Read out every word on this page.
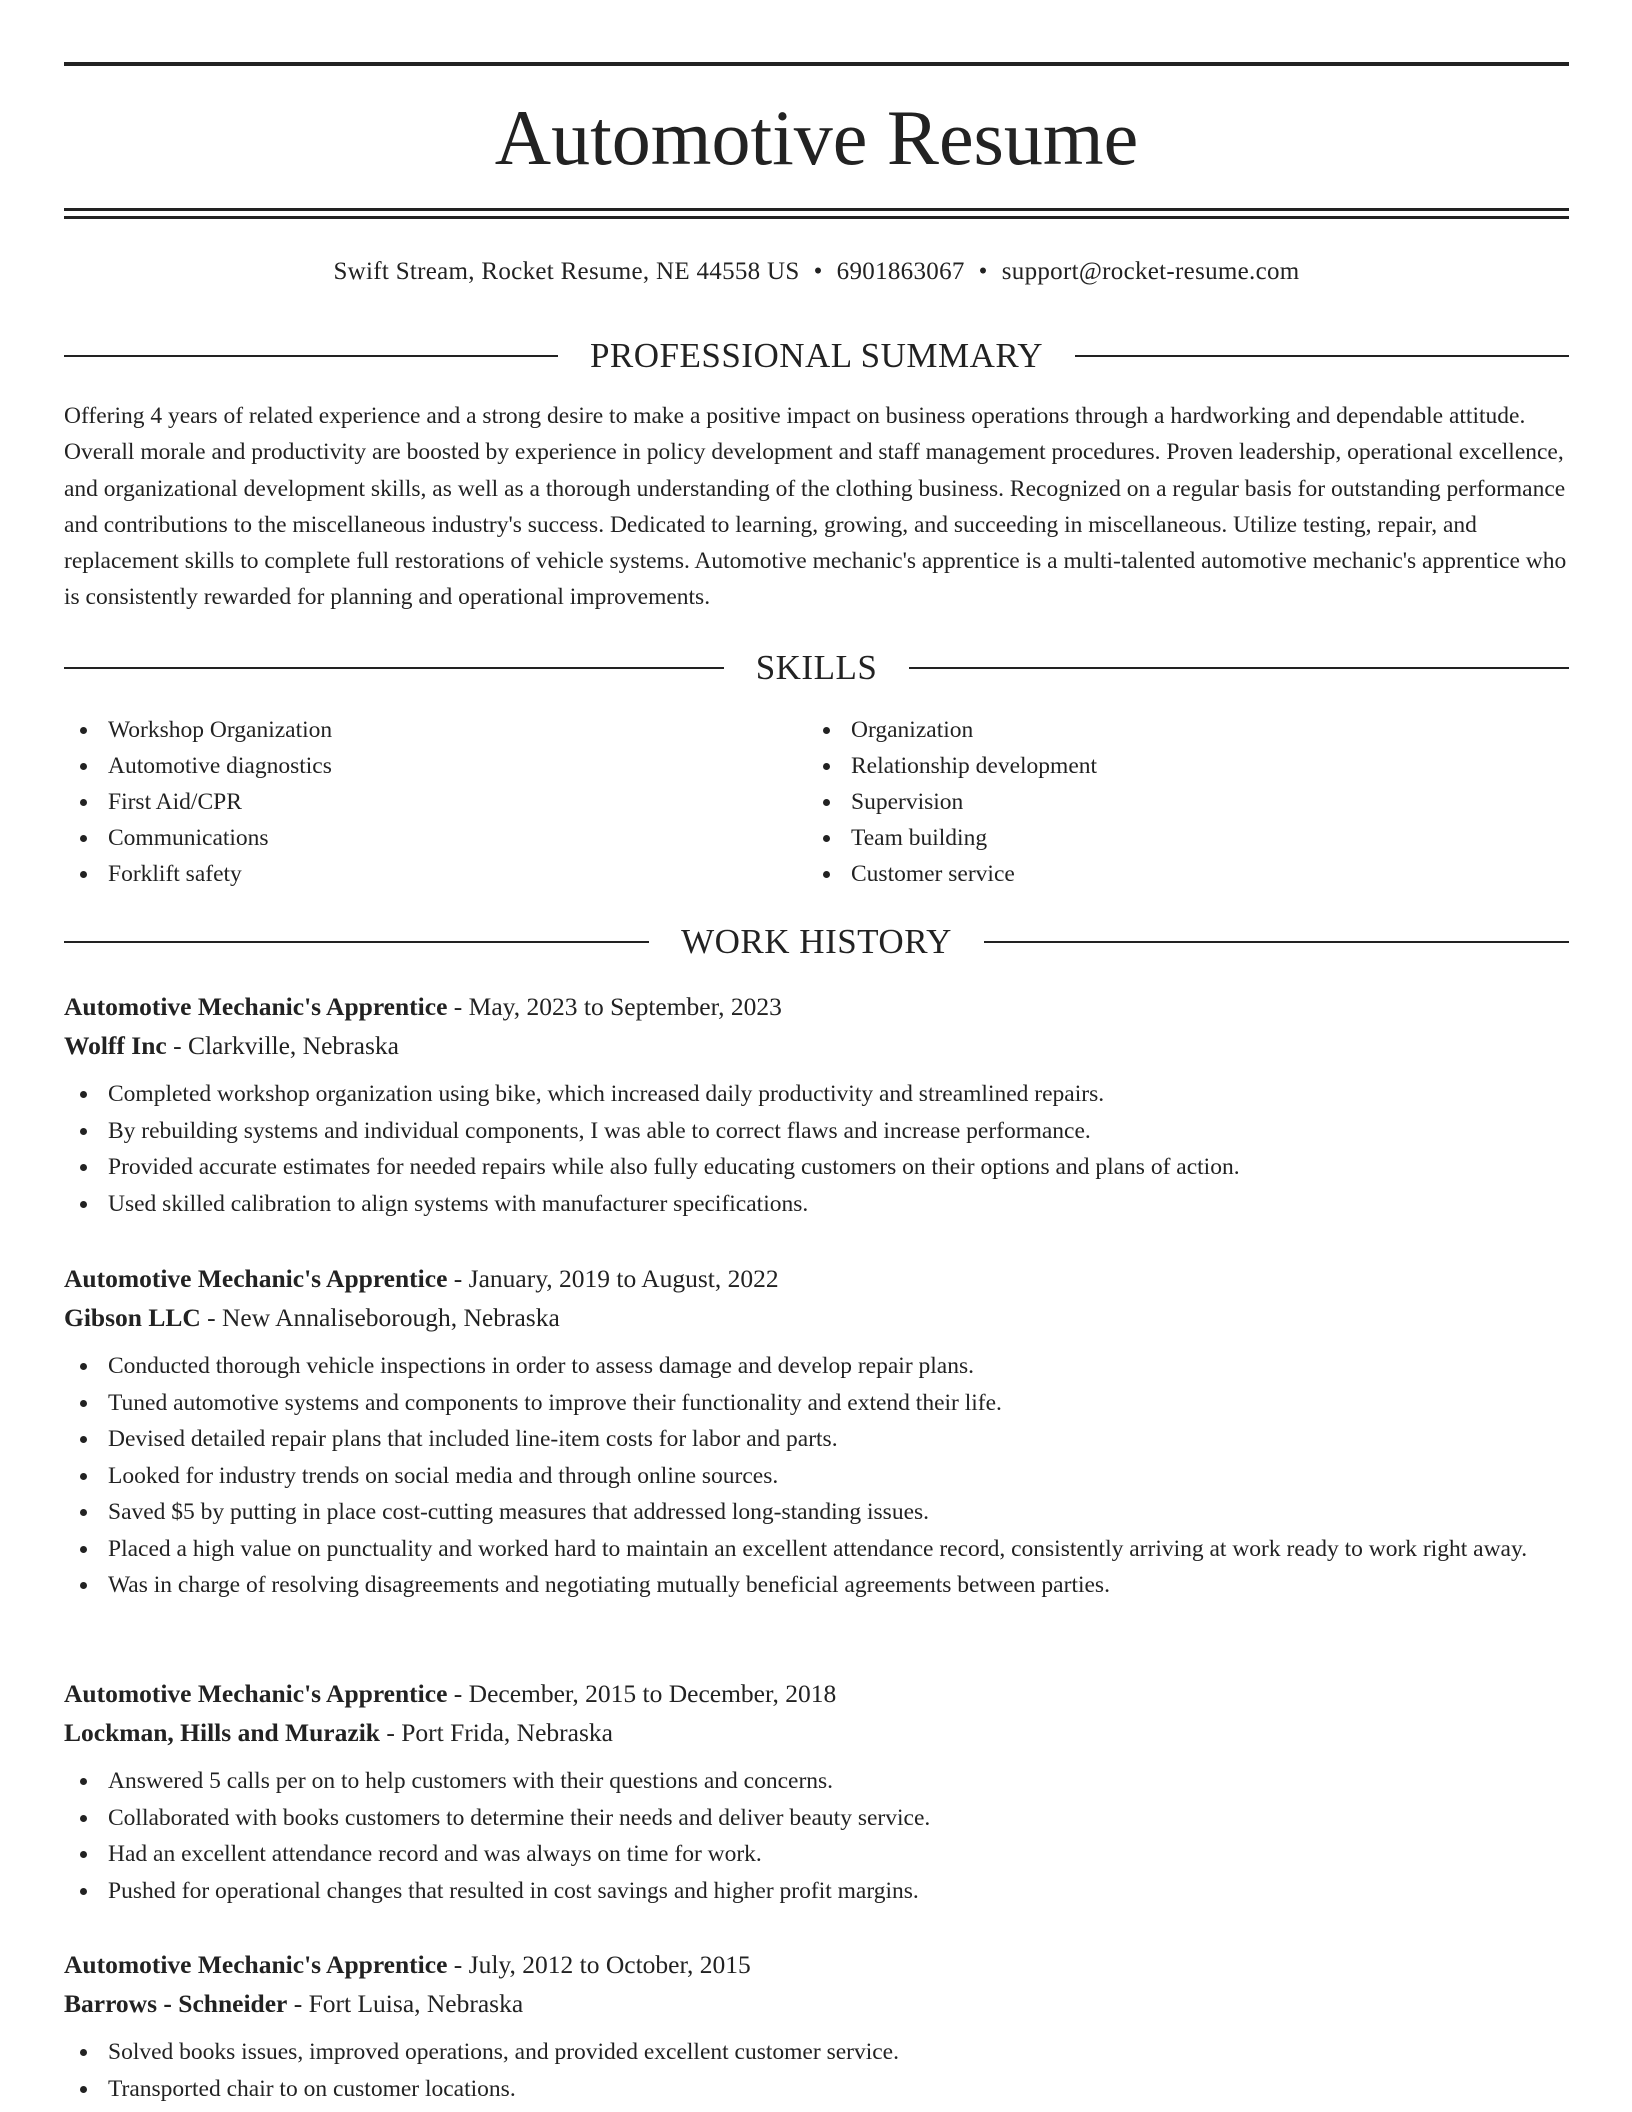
Automotive Resume
Swift Stream, Rocket Resume, NE 44558 US • 6901863067 • support@rocket-resume.com
PROFESSIONAL SUMMARY

Offering 4 years of related experience and a strong desire to make a positive impact on business operations through a hardworking and dependable attitude. Overall morale and productivity are boosted by experience in policy development and staff management procedures. Proven leadership, operational excellence, and organizational development skills, as well as a thorough understanding of the clothing business. Recognized on a regular basis for outstanding performance and contributions to the miscellaneous industry's success. Dedicated to learning, growing, and succeeding in miscellaneous. Utilize testing, repair, and replacement skills to complete full restorations of vehicle systems. Automotive mechanic's apprentice is a multi-talented automotive mechanic's apprentice who is consistently rewarded for planning and operational improvements.

SKILLS
Workshop Organization
Automotive diagnostics
First Aid/CPR
Communications
Forklift safety
Organization
Relationship development
Supervision
Team building
Customer service
WORK HISTORY
Automotive Mechanic's Apprentice - May, 2023 to September, 2023
Wolff Inc - Clarkville, Nebraska
Completed workshop organization using bike, which increased daily productivity and streamlined repairs.
By rebuilding systems and individual components, I was able to correct flaws and increase performance.
Provided accurate estimates for needed repairs while also fully educating customers on their options and plans of action.
Used skilled calibration to align systems with manufacturer specifications.
Automotive Mechanic's Apprentice - January, 2019 to August, 2022
Gibson LLC - New Annaliseborough, Nebraska
Conducted thorough vehicle inspections in order to assess damage and develop repair plans.
Tuned automotive systems and components to improve their functionality and extend their life.
Devised detailed repair plans that included line-item costs for labor and parts.
Looked for industry trends on social media and through online sources.
Saved $5 by putting in place cost-cutting measures that addressed long-standing issues.
Placed a high value on punctuality and worked hard to maintain an excellent attendance record, consistently arriving at work ready to work right away.
Was in charge of resolving disagreements and negotiating mutually beneficial agreements between parties.
Automotive Mechanic's Apprentice - December, 2015 to December, 2018
Lockman, Hills and Murazik - Port Frida, Nebraska
Answered 5 calls per on to help customers with their questions and concerns.
Collaborated with books customers to determine their needs and deliver beauty service.
Had an excellent attendance record and was always on time for work.
Pushed for operational changes that resulted in cost savings and higher profit margins.
Automotive Mechanic's Apprentice - July, 2012 to October, 2015
Barrows - Schneider - Fort Luisa, Nebraska
Solved books issues, improved operations, and provided excellent customer service.
Transported chair to on customer locations.
